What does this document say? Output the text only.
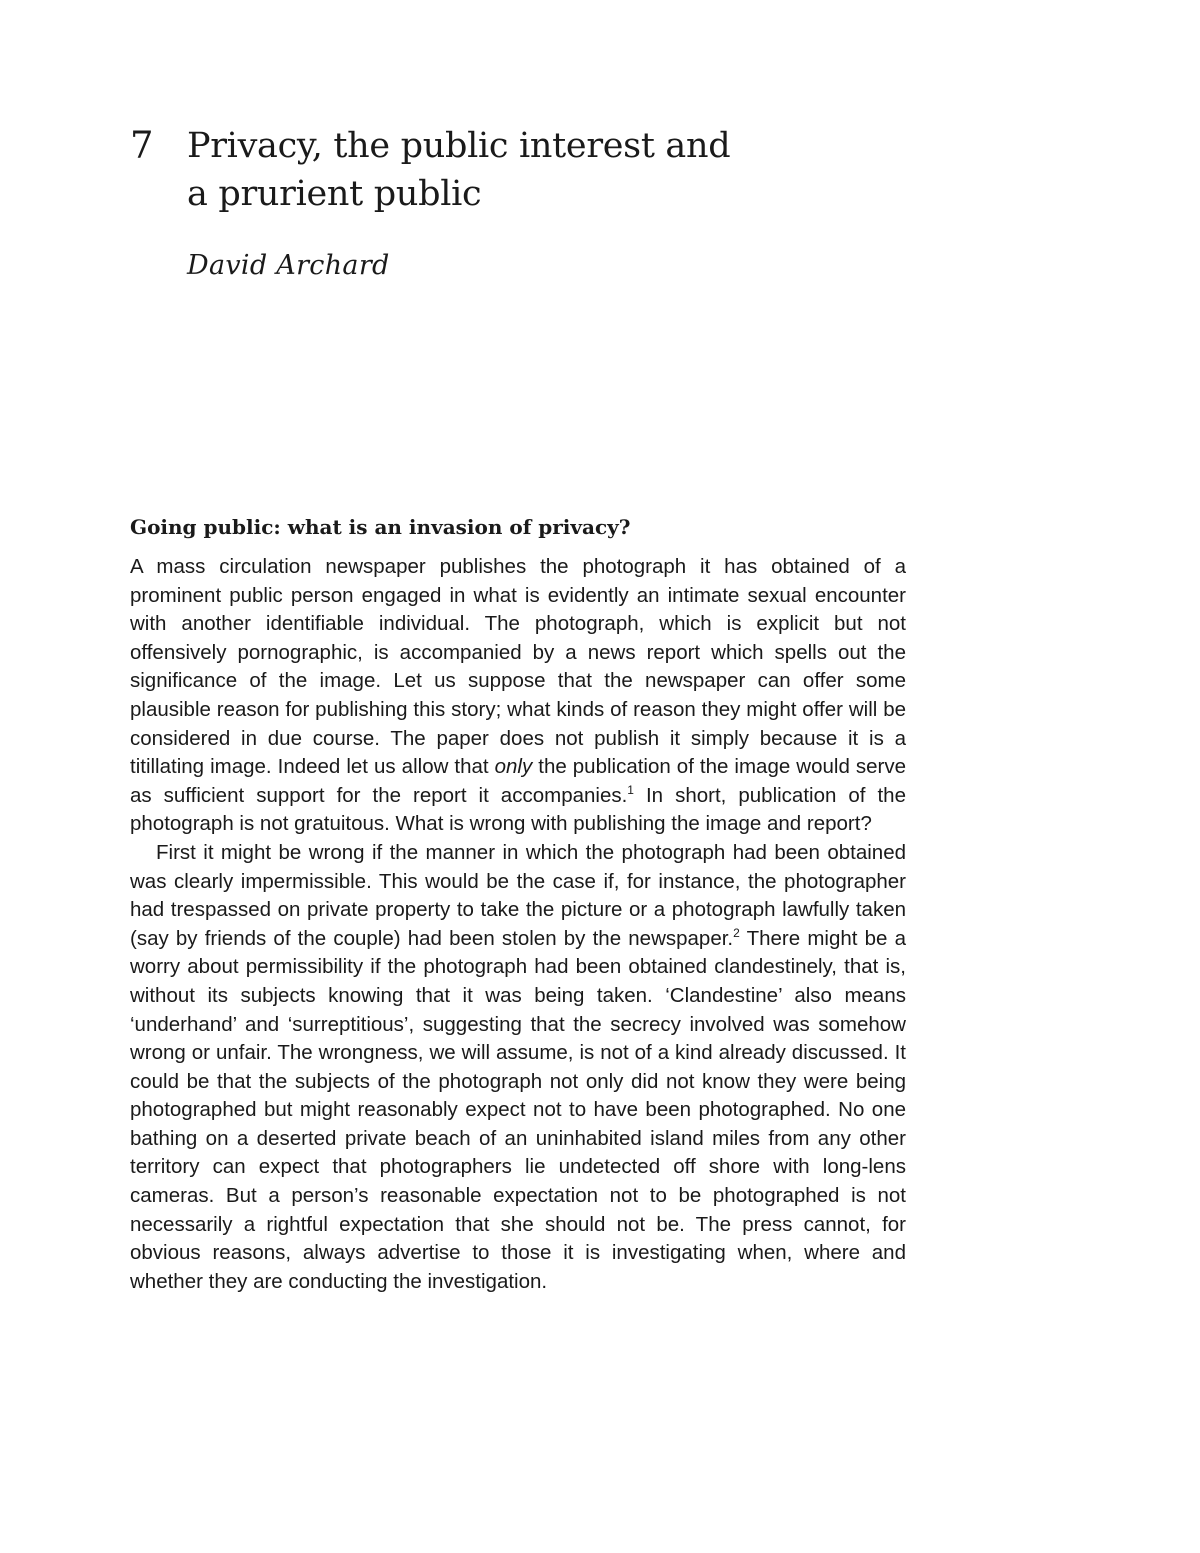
7 Privacy, the public interest and
a prurient public
David Archard
Going public: what is an invasion of privacy?

A mass circulation newspaper publishes the photograph it has obtained of a prominent public person engaged in what is evidently an intimate sexual encounter with another identifiable individual. The photograph, which is explicit but not offensively pornographic, is accompanied by a news report which spells out the significance of the image. Let us suppose that the newspaper can offer some plausible reason for publishing this story; what kinds of reason they might offer will be considered in due course. The paper does not publish it simply because it is a titillating image. Indeed let us allow that only the publication of the image would serve as sufficient support for the report it accompanies.$^1$ In short, publication of the photograph is not gratuitous. What is wrong with publishing the image and report?

First it might be wrong if the manner in which the photograph had been obtained was clearly impermissible. This would be the case if, for instance, the photographer had trespassed on private property to take the picture or a photograph lawfully taken (say by friends of the couple) had been stolen by the newspaper.$^2$ There might be a worry about permissibility if the photograph had been obtained clandestinely, that is, without its subjects knowing that it was being taken. ‘Clandestine’ also means ‘underhand’ and ‘surreptitious’, suggesting that the secrecy involved was somehow wrong or unfair. The wrongness, we will assume, is not of a kind already discussed. It could be that the subjects of the photograph not only did not know they were being photographed but might reasonably expect not to have been photographed. No one bathing on a deserted private beach of an uninhabited island miles from any other territory can expect that photographers lie undetected off shore with long-lens cameras. But a person’s reasonable expectation not to be photographed is not necessarily a rightful expectation that she should not be. The press cannot, for obvious reasons, always advertise to those it is investigating when, where and whether they are conducting the investigation.
